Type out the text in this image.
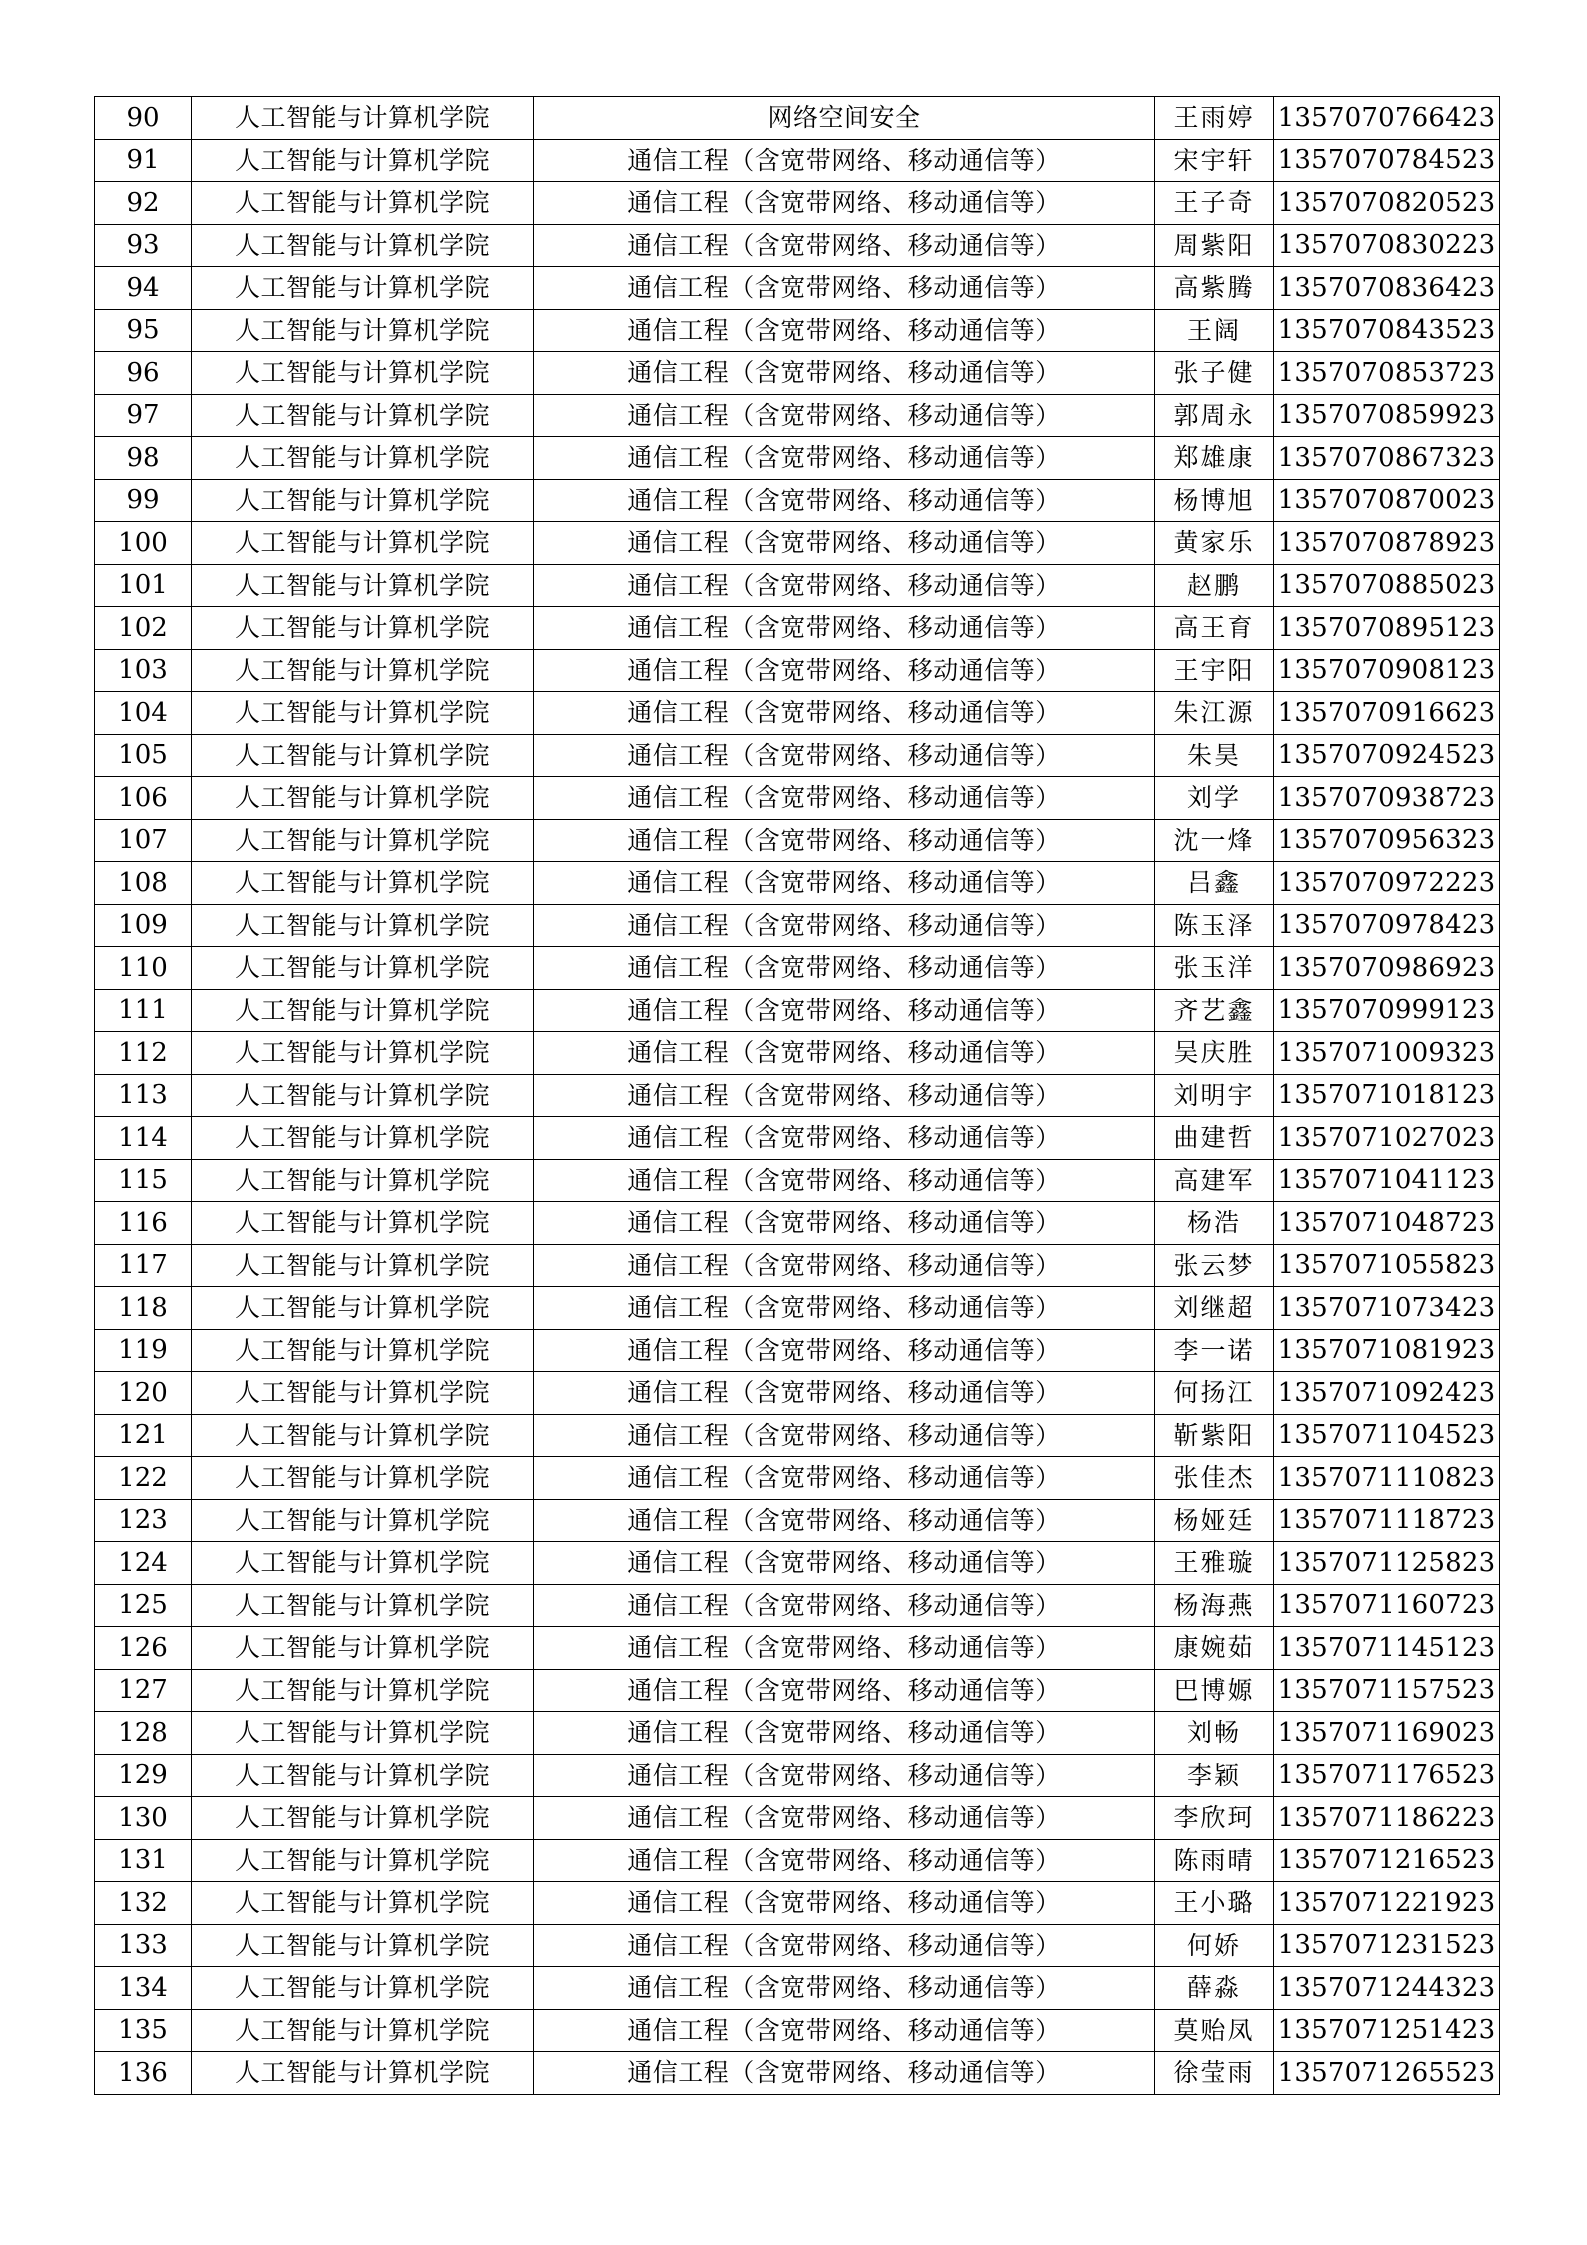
90	人工智能与计算机学院	网络空间安全	王雨婷	1357070766423
91	人工智能与计算机学院	通信工程（含宽带网络、移动通信等）	宋宇轩	1357070784523
92	人工智能与计算机学院	通信工程（含宽带网络、移动通信等）	王子奇	1357070820523
93	人工智能与计算机学院	通信工程（含宽带网络、移动通信等）	周紫阳	1357070830223
94	人工智能与计算机学院	通信工程（含宽带网络、移动通信等）	高紫腾	1357070836423
95	人工智能与计算机学院	通信工程（含宽带网络、移动通信等）	王阔	1357070843523
96	人工智能与计算机学院	通信工程（含宽带网络、移动通信等）	张子健	1357070853723
97	人工智能与计算机学院	通信工程（含宽带网络、移动通信等）	郭周永	1357070859923
98	人工智能与计算机学院	通信工程（含宽带网络、移动通信等）	郑雄康	1357070867323
99	人工智能与计算机学院	通信工程（含宽带网络、移动通信等）	杨博旭	1357070870023
100	人工智能与计算机学院	通信工程（含宽带网络、移动通信等）	黄家乐	1357070878923
101	人工智能与计算机学院	通信工程（含宽带网络、移动通信等）	赵鹏	1357070885023
102	人工智能与计算机学院	通信工程（含宽带网络、移动通信等）	高王育	1357070895123
103	人工智能与计算机学院	通信工程（含宽带网络、移动通信等）	王宇阳	1357070908123
104	人工智能与计算机学院	通信工程（含宽带网络、移动通信等）	朱江源	1357070916623
105	人工智能与计算机学院	通信工程（含宽带网络、移动通信等）	朱昊	1357070924523
106	人工智能与计算机学院	通信工程（含宽带网络、移动通信等）	刘学	1357070938723
107	人工智能与计算机学院	通信工程（含宽带网络、移动通信等）	沈一烽	1357070956323
108	人工智能与计算机学院	通信工程（含宽带网络、移动通信等）	吕鑫	1357070972223
109	人工智能与计算机学院	通信工程（含宽带网络、移动通信等）	陈玉泽	1357070978423
110	人工智能与计算机学院	通信工程（含宽带网络、移动通信等）	张玉洋	1357070986923
111	人工智能与计算机学院	通信工程（含宽带网络、移动通信等）	齐艺鑫	1357070999123
112	人工智能与计算机学院	通信工程（含宽带网络、移动通信等）	吴庆胜	1357071009323
113	人工智能与计算机学院	通信工程（含宽带网络、移动通信等）	刘明宇	1357071018123
114	人工智能与计算机学院	通信工程（含宽带网络、移动通信等）	曲建哲	1357071027023
115	人工智能与计算机学院	通信工程（含宽带网络、移动通信等）	高建军	1357071041123
116	人工智能与计算机学院	通信工程（含宽带网络、移动通信等）	杨浩	1357071048723
117	人工智能与计算机学院	通信工程（含宽带网络、移动通信等）	张云梦	1357071055823
118	人工智能与计算机学院	通信工程（含宽带网络、移动通信等）	刘继超	1357071073423
119	人工智能与计算机学院	通信工程（含宽带网络、移动通信等）	李一诺	1357071081923
120	人工智能与计算机学院	通信工程（含宽带网络、移动通信等）	何扬江	1357071092423
121	人工智能与计算机学院	通信工程（含宽带网络、移动通信等）	靳紫阳	1357071104523
122	人工智能与计算机学院	通信工程（含宽带网络、移动通信等）	张佳杰	1357071110823
123	人工智能与计算机学院	通信工程（含宽带网络、移动通信等）	杨娅廷	1357071118723
124	人工智能与计算机学院	通信工程（含宽带网络、移动通信等）	王雅璇	1357071125823
125	人工智能与计算机学院	通信工程（含宽带网络、移动通信等）	杨海燕	1357071160723
126	人工智能与计算机学院	通信工程（含宽带网络、移动通信等）	康婉茹	1357071145123
127	人工智能与计算机学院	通信工程（含宽带网络、移动通信等）	巴博嫄	1357071157523
128	人工智能与计算机学院	通信工程（含宽带网络、移动通信等）	刘畅	1357071169023
129	人工智能与计算机学院	通信工程（含宽带网络、移动通信等）	李颖	1357071176523
130	人工智能与计算机学院	通信工程（含宽带网络、移动通信等）	李欣珂	1357071186223
131	人工智能与计算机学院	通信工程（含宽带网络、移动通信等）	陈雨晴	1357071216523
132	人工智能与计算机学院	通信工程（含宽带网络、移动通信等）	王小璐	1357071221923
133	人工智能与计算机学院	通信工程（含宽带网络、移动通信等）	何娇	1357071231523
134	人工智能与计算机学院	通信工程（含宽带网络、移动通信等）	薛淼	1357071244323
135	人工智能与计算机学院	通信工程（含宽带网络、移动通信等）	莫贻凤	1357071251423
136	人工智能与计算机学院	通信工程（含宽带网络、移动通信等）	徐莹雨	1357071265523
